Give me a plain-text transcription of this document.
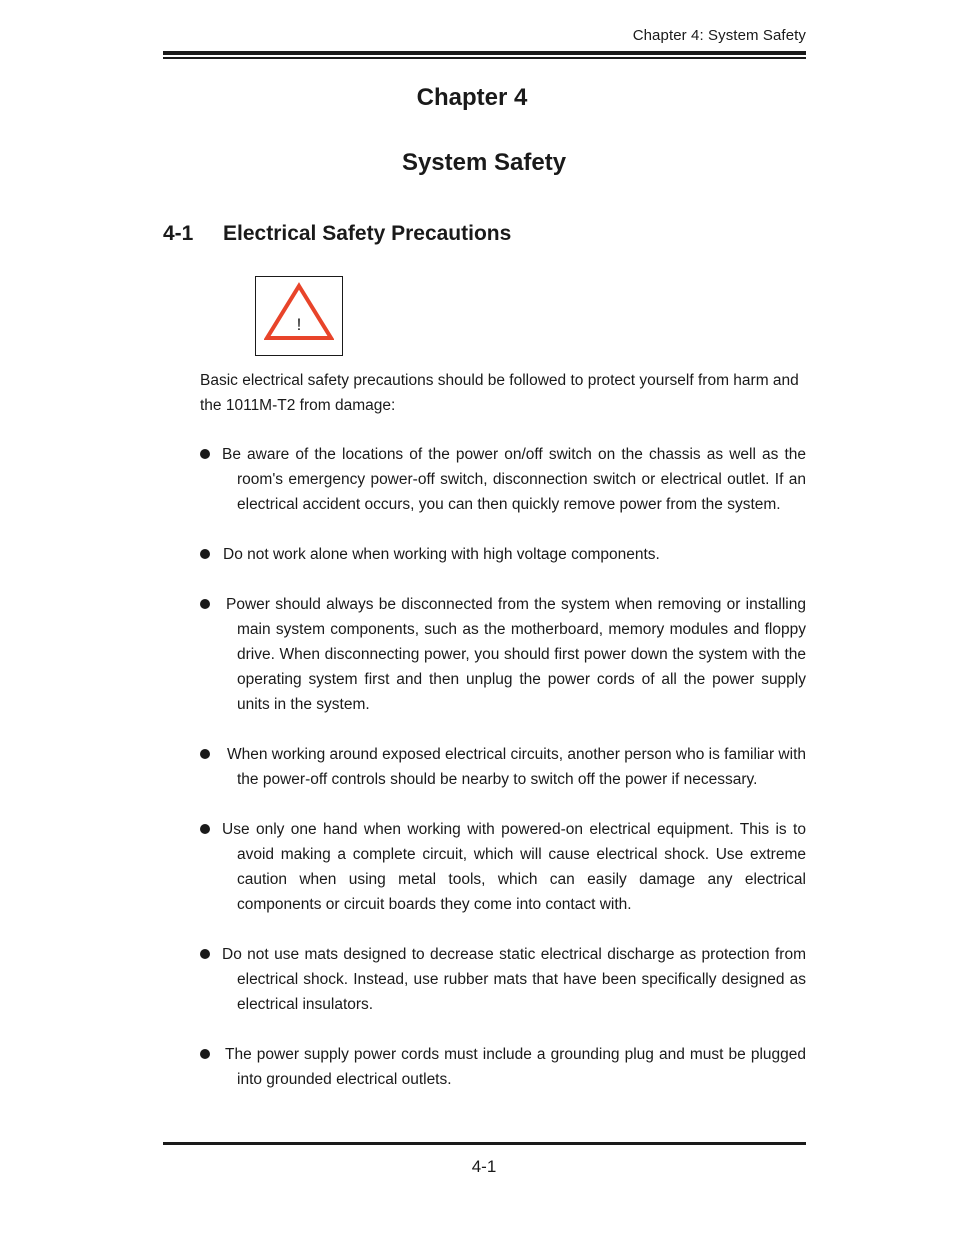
Chapter 4: System Safety
Chapter 4
System Safety
4-1 Electrical Safety Precautions
!
Basic electrical safety precautions should be followed to protect yourself from harm and the 1011M-T2 from damage:
Be aware of the locations of the power on/off switch on the chassis as well as the room's emergency power-off switch, disconnection switch or electrical outlet. If an electrical accident occurs, you can then quickly remove power from the system.
Do not work alone when working with high voltage components.
Power should always be disconnected from the system when removing or installing main system components, such as the motherboard, memory modules and floppy drive. When disconnecting power, you should first power down the system with the operating system first and then unplug the power cords of all the power supply units in the system.
When working around exposed electrical circuits, another person who is familiar with the power-off controls should be nearby to switch off the power if necessary.
Use only one hand when working with powered-on electrical equipment. This is to avoid making a complete circuit, which will cause electrical shock. Use extreme caution when using metal tools, which can easily damage any electrical components or circuit boards they come into contact with.
Do not use mats designed to decrease static electrical discharge as protection from electrical shock. Instead, use rubber mats that have been specifically designed as electrical insulators.
The power supply power cords must include a grounding plug and must be plugged into grounded electrical outlets.
4-1
